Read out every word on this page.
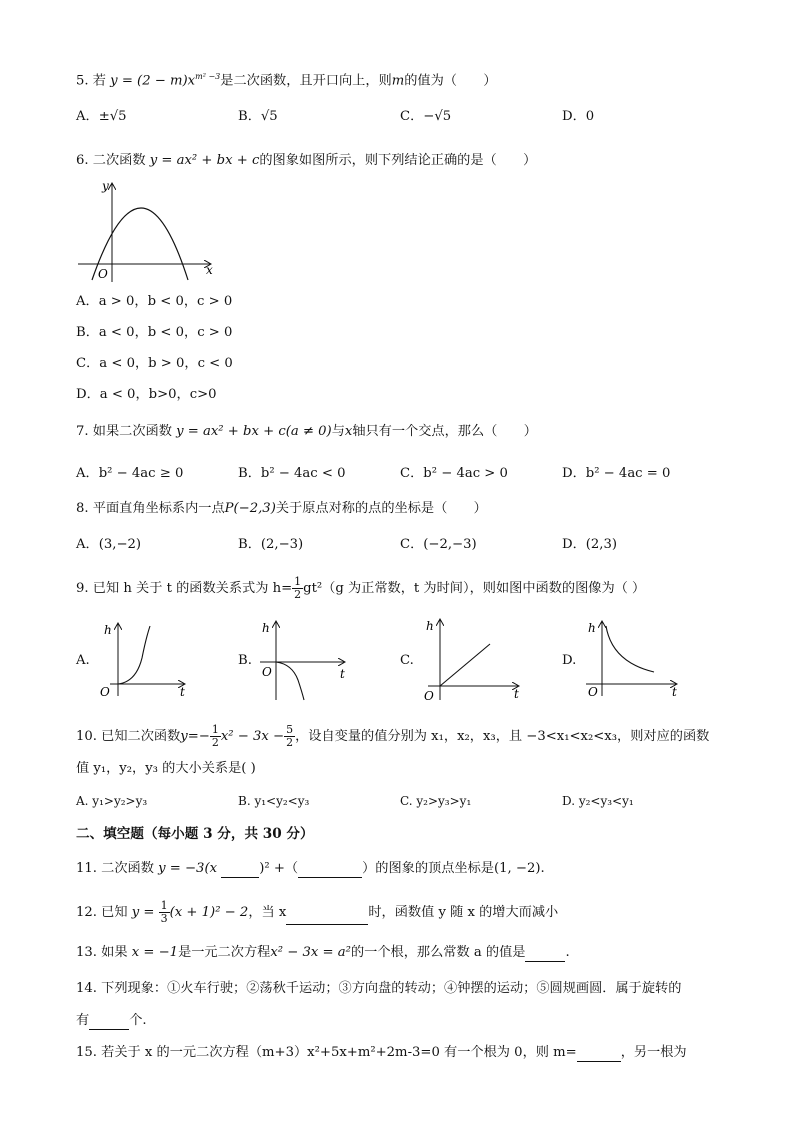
5. 若 $y = (2 - m)x^{m^2 -3}$是二次函数，且开口向上，则m的值为（　　）
A．±√5	B．√5	C．−√5	D．0
6. 二次函数 y = ax² + bx + c的图象如图所示，则下列结论正确的是（　　）
y
x
O
A．a > 0，b < 0，c > 0
B．a < 0，b < 0，c > 0
C．a < 0，b > 0，c < 0
D．a < 0，b>0，c>0
7. 如果二次函数 y = ax² + bx + c(a ≠ 0)与x轴只有一个交点，那么（　　）
A．b² − 4ac ≥ 0	B．b² − 4ac < 0	C．b² − 4ac > 0	D．b² − 4ac = 0
8. 平面直角坐标系内一点P(−2,3)关于原点对称的点的坐标是（　　）
A．(3,−2)	B．(2,−3)	C．(−2,−3)	D．(2,3)
9. 已知 h 关于 t 的函数关系式为 $h= \frac{1}{2} gt^2(g$ 为正常数，t 为时间），则如图中函数的图像为（ ）
A.
h
t
O
B.
h
t
O
C.
h
t
O
D.
h
t
O
10. 已知二次函数$y=- \frac{1}{2} x^2 - 3x - \frac{5}{2}$ ，设自变量的值分别为 x₁，x₂，x₃，且 −3<x₁<x₂<x₃，则对应的函数
值 y₁，y₂，y₃ 的大小关系是( )
A. y₁>y₂>y₃	B. y₁<y₂<y₃	C. y₂>y₃>y₁	D. y₂<y₃<y₁
二、填空题（每小题 3 分，共 30 分）
11. 二次函数 y = −3(x	)² +（	）的图象的顶点坐标是(1, −2).
12. 已知 $y = \frac{1}{3} (x + 1)^2 - 2$，当 x	时，函数值 y 随 x 的增大而减小
13. 如果 x = −1是一元二次方程x² − 3x = a²的一个根，那么常数 a 的值是	.
14. 下列现象：①火车行驶；②荡秋千运动；③方向盘的转动；④钟摆的运动；⑤圆规画圆．属于旋转的
有	个.
15. 若关于 x 的一元二次方程（m+3）x²+5x+m²+2m-3=0 有一个根为 0，则 m=	，另一根为
